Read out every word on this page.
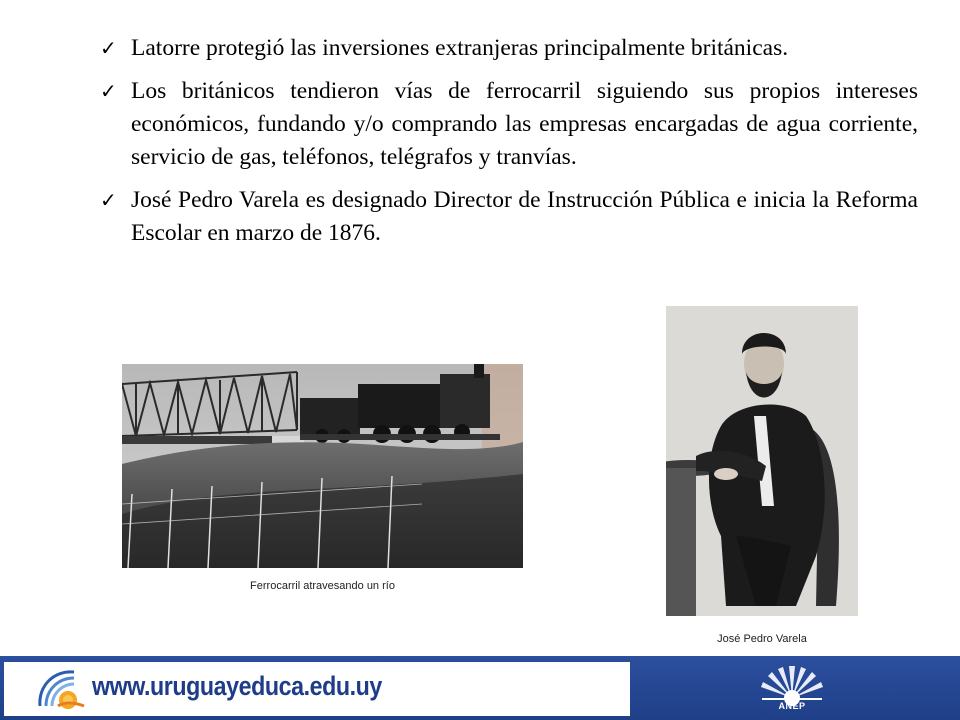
✓ Latorre protegió las inversiones extranjeras principalmente británicas.
✓ Los británicos tendieron vías de ferrocarril siguiendo sus propios intereses económicos, fundando y/o comprando las empresas encargadas de agua corriente, servicio de gas, teléfonos, telégrafos y tranvías.
✓ José Pedro Varela es designado Director de Instrucción Pública e inicia la Reforma Escolar en marzo de 1876.
Ferrocarril atravesando un río
José Pedro Varela
www.uruguayeduca.edu.uy
ANEP
